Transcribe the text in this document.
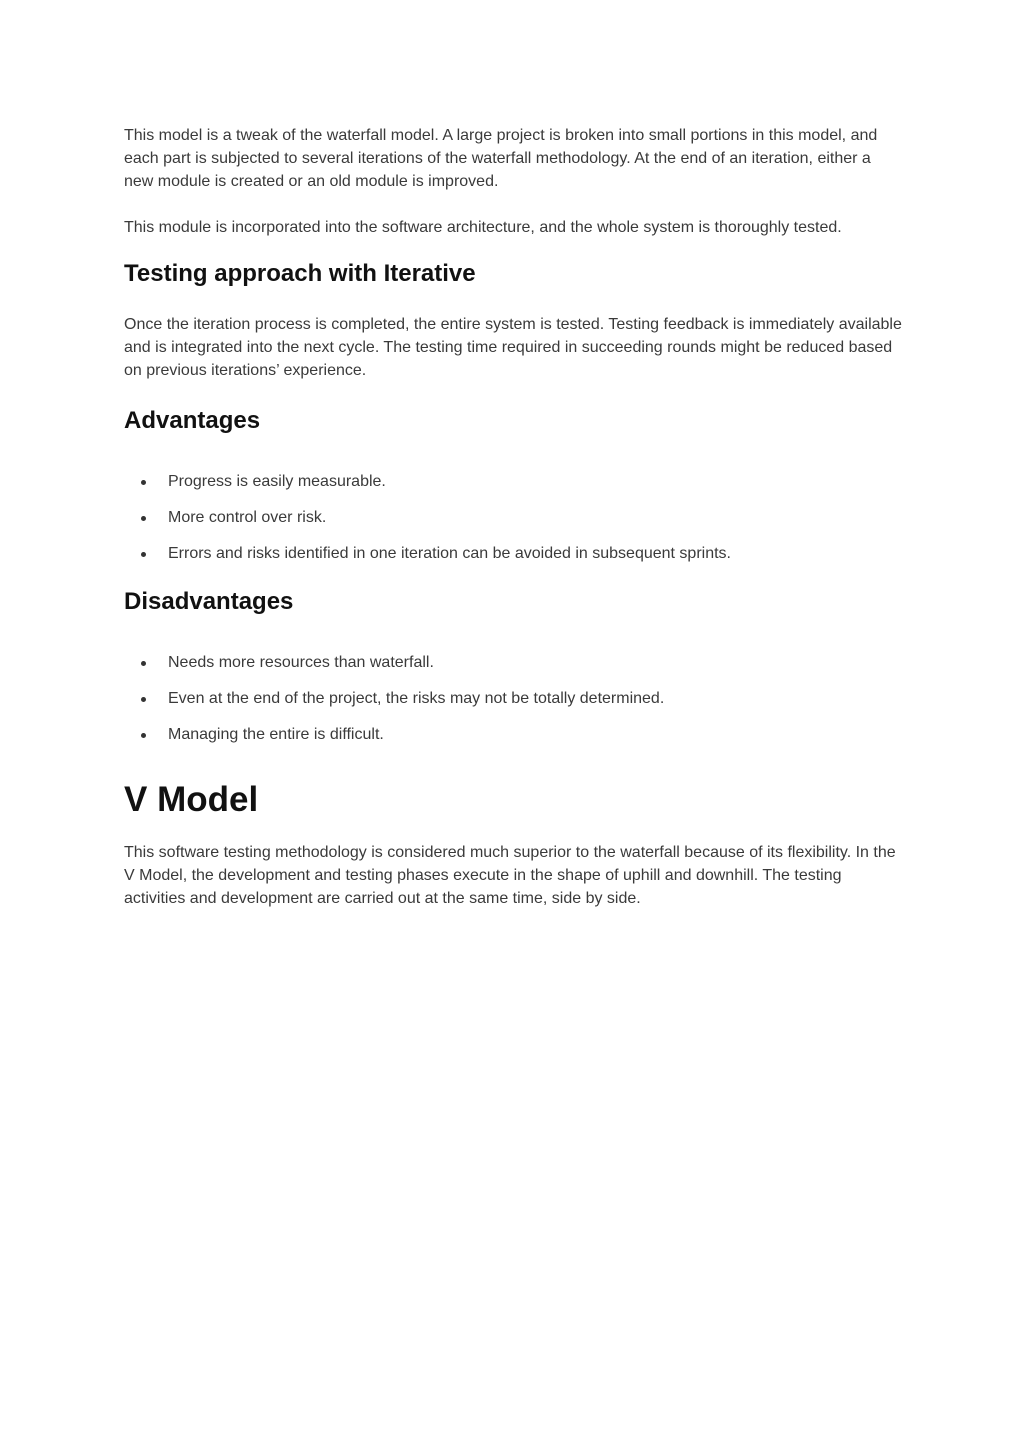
This model is a tweak of the waterfall model. A large project is broken into small portions in this model, and each part is subjected to several iterations of the waterfall methodology. At the end of an iteration, either a new module is created or an old module is improved.

This module is incorporated into the software architecture, and the whole system is thoroughly tested.

Testing approach with Iterative

Once the iteration process is completed, the entire system is tested. Testing feedback is immediately available and is integrated into the next cycle. The testing time required in succeeding rounds might be reduced based on previous iterations’ experience.

Advantages
Progress is easily measurable.
More control over risk.
Errors and risks identified in one iteration can be avoided in subsequent sprints.
Disadvantages
Needs more resources than waterfall.
Even at the end of the project, the risks may not be totally determined.
Managing the entire is difficult.
V Model

This software testing methodology is considered much superior to the waterfall because of its flexibility. In the V Model, the development and testing phases execute in the shape of uphill and downhill. The testing activities and development are carried out at the same time, side by side.
